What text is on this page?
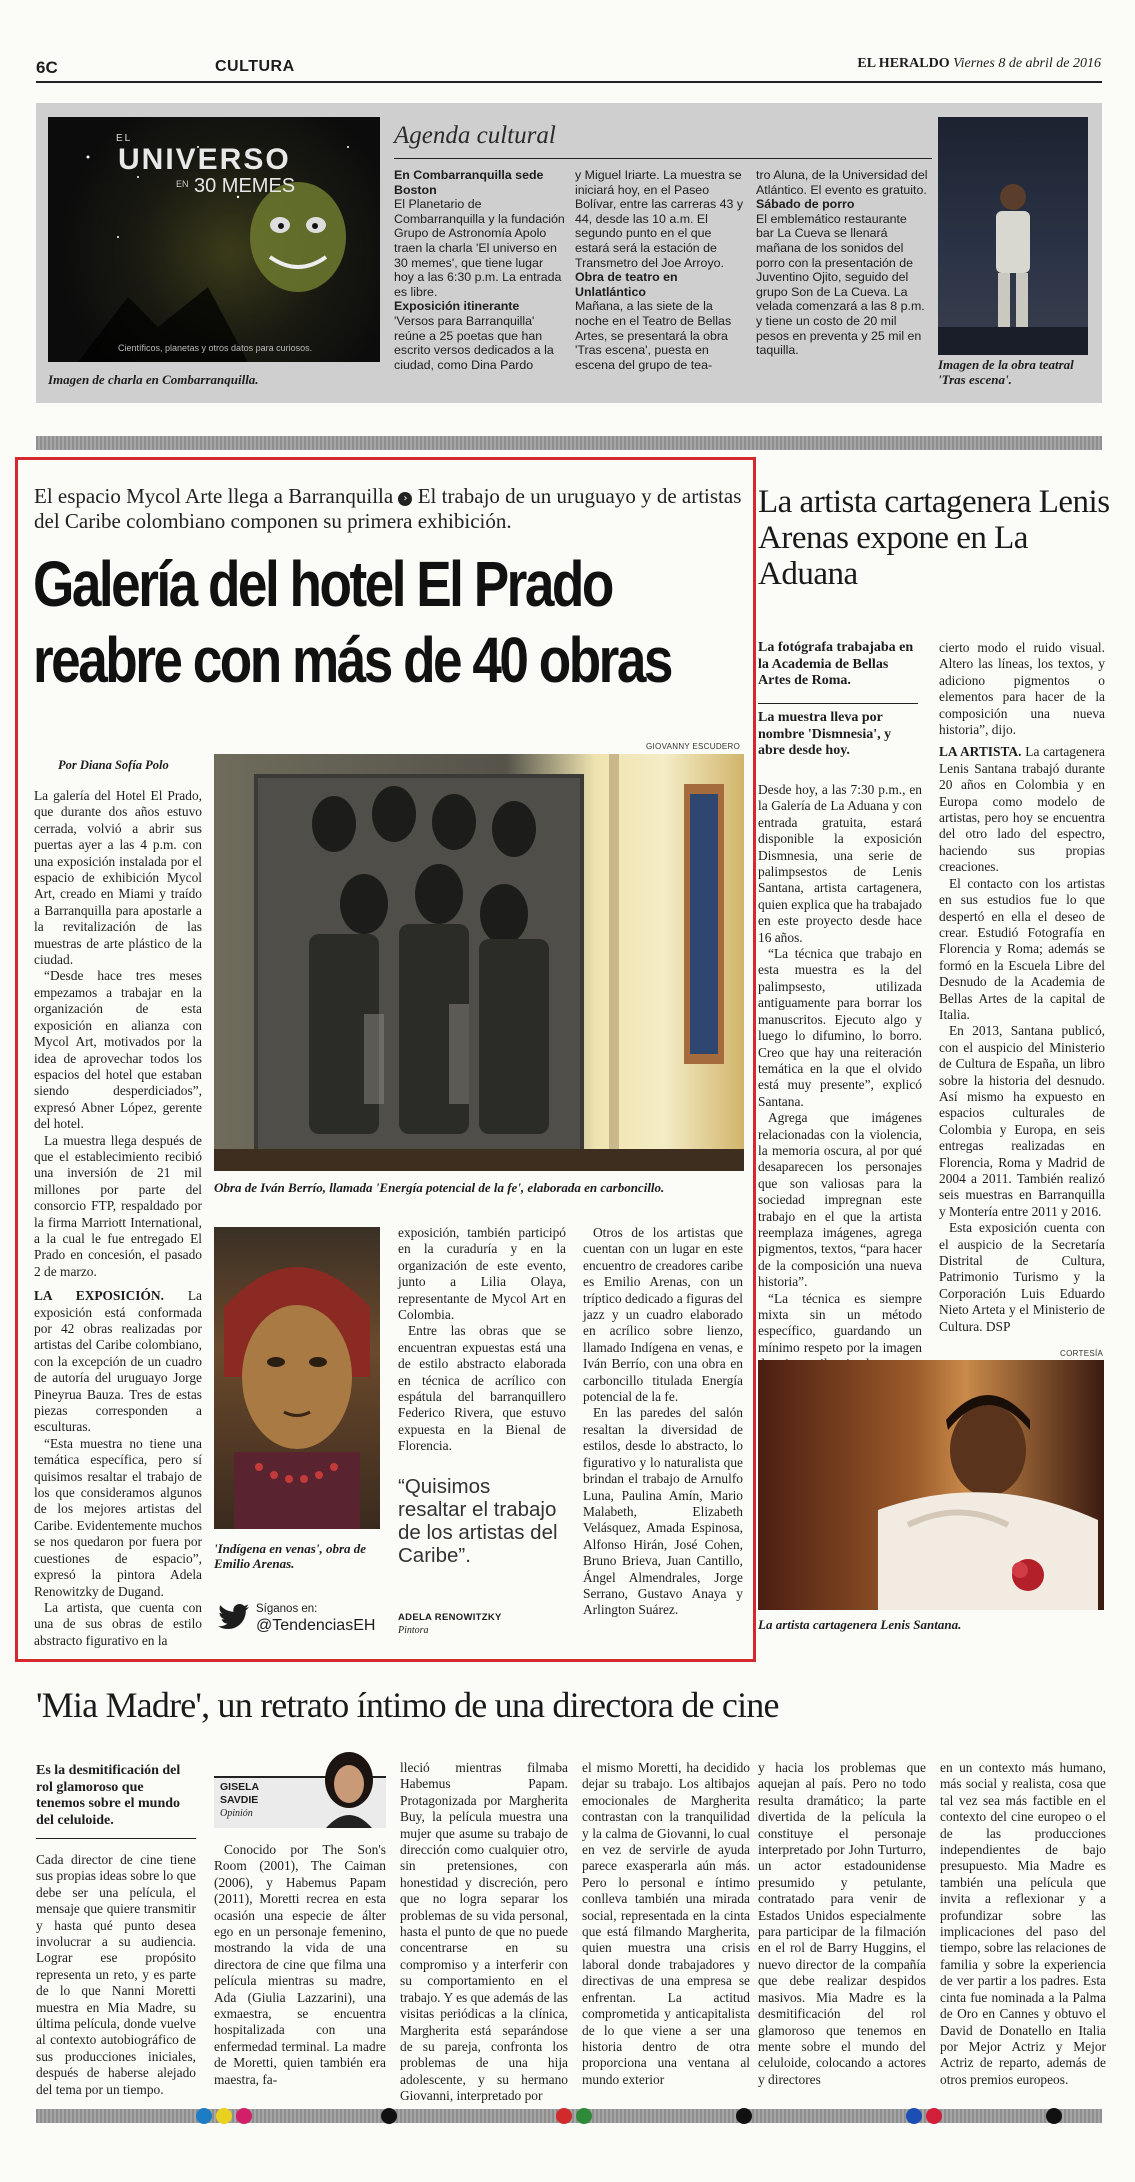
6C	CULTURA	EL HERALDO Viernes 8 de abril de 2016
EL
UNIVERSO
EN 30 MEMES
Científicos, planetas y otros datos para curiosos.
Imagen de charla en Combarranquilla.
Agenda cultural

En Combarranquilla sede Boston

El Planetario de Combarranquilla y la fundación Grupo de Astronomía Apolo traen la charla 'El universo en 30 memes', que tiene lugar hoy a las 6:30 p.m. La entrada es libre.

Exposición itinerante

'Versos para Barranquilla' reúne a 25 poetas que han escrito versos dedicados a la ciudad, como Dina Pardo

y Miguel Iriarte. La muestra se iniciará hoy, en el Paseo Bolívar, entre las carreras 43 y 44, desde las 10 a.m. El segundo punto en el que estará será la estación de Transmetro del Joe Arroyo.

Obra de teatro en Unlatlántico

Mañana, a las siete de la noche en el Teatro de Bellas Artes, se presentará la obra 'Tras escena', puesta en escena del grupo de tea-

tro Aluna, de la Universidad del Atlántico. El evento es gratuito.

Sábado de porro

El emblemático restaurante bar La Cueva se llenará mañana de los sonidos del porro con la presentación de Juventino Ojito, seguido del grupo Son de La Cueva. La velada comenzará a las 8 p.m. y tiene un costo de 20 mil pesos en preventa y 25 mil en taquilla.

Imagen de la obra teatral 'Tras escena'.
El espacio Mycol Arte llega a Barranquilla › El trabajo de un uruguayo y de artistas del Caribe colombiano componen su primera exhibición.
Galería del hotel El Prado
reabre con más de 40 obras
GIOVANNY ESCUDERO
Por Diana Sofía Polo
Obra de Iván Berrío, llamada 'Energía potencial de la fe', elaborada en carboncillo.

La galería del Hotel El Prado, que durante dos años estuvo cerrada, volvió a abrir sus puertas ayer a las 4 p.m. con una exposición instalada por el espacio de exhibición Mycol Art, creado en Miami y traído a Barranquilla para apostarle a la revitalización de las muestras de arte plástico de la ciudad.

“Desde hace tres meses empezamos a trabajar en la organización de esta exposición en alianza con Mycol Art, motivados por la idea de aprovechar todos los espacios del hotel que estaban siendo desperdiciados”, expresó Abner López, gerente del hotel.

La muestra llega después de que el establecimiento recibió una inversión de 21 mil millones por parte del consorcio FTP, respaldado por la firma Marriott International, a la cual le fue entregado El Prado en concesión, el pasado 2 de marzo.

LA EXPOSICIÓN. La exposición está conformada por 42 obras realizadas por artistas del Caribe colombiano, con la excepción de un cuadro de autoría del uruguayo Jorge Pineyrua Bauza. Tres de estas piezas corresponden a esculturas.

“Esta muestra no tiene una temática específica, pero sí quisimos resaltar el trabajo de los que consideramos algunos de los mejores artistas del Caribe. Evidentemente muchos se nos quedaron por fuera por cuestiones de espacio”, expresó la pintora Adela Renowitzky de Dugand.

La artista, que cuenta con una de sus obras de estilo abstracto figurativo en la

'Indígena en venas', obra de Emilio Arenas.

exposición, también participó en la curaduría y en la organización de este evento, junto a Lilia Olaya, representante de Mycol Art en Colombia.

Entre las obras que se encuentran expuestas está una de estilo abstracto elaborada en técnica de acrílico con espátula del barranquillero Federico Rivera, que estuvo expuesta en la Bienal de Florencia.

“Quisimos resaltar el trabajo de los artistas del Caribe”.
ADELA RENOWITZKY
Pintora
Síganos en:
@TendenciasEH

Otros de los artistas que cuentan con un lugar en este encuentro de creadores caribe es Emilio Arenas, con un tríptico dedicado a figuras del jazz y un cuadro elaborado en acrílico sobre lienzo, llamado Indígena en venas, e Iván Berrío, con una obra en carboncillo titulada Energía potencial de la fe.

En las paredes del salón resaltan la diversidad de estilos, desde lo abstracto, lo figurativo y lo naturalista que brindan el trabajo de Arnulfo Luna, Paulina Amín, Mario Malabeth, Elizabeth Velásquez, Amada Espinosa, Alfonso Hirán, José Cohen, Bruno Brieva, Juan Cantillo, Ángel Almendrales, Jorge Serrano, Gustavo Anaya y Arlington Suárez.

La artista cartagenera Lenis Arenas expone en La Aduana
La fotógrafa trabajaba en la Academia de Bellas Artes de Roma.
La muestra lleva por nombre 'Dismnesia', y abre desde hoy.

Desde hoy, a las 7:30 p.m., en la Galería de La Aduana y con entrada gratuita, estará disponible la exposición Dismnesia, una serie de palimpsestos de Lenis Santana, artista cartagenera, quien explica que ha trabajado en este proyecto desde hace 16 años.

“La técnica que trabajo en esta muestra es la del palimpsesto, utilizada antiguamente para borrar los manuscritos. Ejecuto algo y luego lo difumino, lo borro. Creo que hay una reiteración temática en la que el olvido está muy presente”, explicó Santana.

Agrega que imágenes relacionadas con la violencia, la memoria oscura, al por qué desaparecen los personajes que son valiosas para la sociedad impregnan este trabajo en el que la artista reemplaza imágenes, agrega pigmentos, textos, “para hacer de la composición una nueva historia”.

“La técnica es siempre mixta sin un método específico, guardando un mínimo respeto por la imagen

cierto modo el ruido visual. Altero las líneas, los textos, y adiciono pigmentos o elementos para hacer de la composición una nueva historia”, dijo.

LA ARTISTA. La cartagenera Lenis Santana trabajó durante 20 años en Colombia y en Europa como modelo de artistas, pero hoy se encuentra del otro lado del espectro, haciendo sus propias creaciones.

El contacto con los artistas en sus estudios fue lo que despertó en ella el deseo de crear. Estudió Fotografía en Florencia y Roma; además se formó en la Escuela Libre del Desnudo de la Academia de Bellas Artes de la capital de Italia.

En 2013, Santana publicó, con el auspicio del Ministerio de Cultura de España, un libro sobre la historia del desnudo. Así mismo ha expuesto en espacios culturales de Colombia y Europa, en seis entregas realizadas en Florencia, Roma y Madrid de 2004 a 2011. También realizó seis muestras en Barranquilla y Montería entre 2011 y 2016.

Esta exposición cuenta con el auspicio de la Secretaría Distrital de Cultura, Patrimonio Turismo y la Corporación Luis Eduardo Nieto Arteta y el Ministerio de Cultura. DSP

CORTESÍA
La artista cartagenera Lenis Santana.
'Mia Madre', un retrato íntimo de una directora de cine
Es la desmitificación del rol glamoroso que tenemos sobre el mundo del celuloide.

Cada director de cine tiene sus propias ideas sobre lo que debe ser una película, el mensaje que quiere transmitir y hasta qué punto desea involucrar a su audiencia. Lograr ese propósito representa un reto, y es parte de lo que Nanni Moretti muestra en Mia Madre, su última película, donde vuelve al contexto autobiográfico de sus producciones iniciales, después de haberse alejado del tema por un tiempo.

GISELA
SAVDIE
Opinión

Conocido por The Son's Room (2001), The Caiman (2006), y Habemus Papam (2011), Moretti recrea en esta ocasión una especie de álter ego en un personaje femenino, mostrando la vida de una directora de cine que filma una película mientras su madre, Ada (Giulia Lazzarini), una exmaestra, se encuentra hospitalizada con una enfermedad terminal. La madre de Moretti, quien también era maestra, fa-

lleció mientras filmaba Habemus Papam. Protagonizada por Margherita Buy, la película muestra una mujer que asume su trabajo de dirección como cualquier otro, sin pretensiones, con honestidad y discreción, pero que no logra separar los problemas de su vida personal, hasta el punto de que no puede concentrarse en su compromiso y a interferir con su comportamiento en el trabajo. Y es que además de las visitas periódicas a la clínica, Margherita está separándose de su pareja, confronta los problemas de una hija adolescente, y su hermano Giovanni, interpretado por

el mismo Moretti, ha decidido dejar su trabajo. Los altibajos emocionales de Margherita contrastan con la tranquilidad y la calma de Giovanni, lo cual en vez de servirle de ayuda parece exasperarla aún más. Pero lo personal e íntimo conlleva también una mirada social, representada en la cinta que está filmando Margherita, quien muestra una crisis laboral donde trabajadores y directivas de una empresa se enfrentan. La actitud comprometida y anticapitalista de lo que viene a ser una historia dentro de otra proporciona una ventana al mundo exterior

y hacia los problemas que aquejan al país. Pero no todo resulta dramático; la parte divertida de la película la constituye el personaje interpretado por John Turturro, un actor estadounidense presumido y petulante, contratado para venir de Estados Unidos especialmente para participar de la filmación en el rol de Barry Huggins, el nuevo director de la compañía que debe realizar despidos masivos. Mia Madre es la desmitificación del rol glamoroso que tenemos en mente sobre el mundo del celuloide, colocando a actores y directores

en un contexto más humano, más social y realista, cosa que tal vez sea más factible en el contexto del cine europeo o el de las producciones independientes de bajo presupuesto. Mia Madre es también una película que invita a reflexionar y a profundizar sobre las implicaciones del paso del tiempo, sobre las relaciones de familia y sobre la experiencia de ver partir a los padres. Esta cinta fue nominada a la Palma de Oro en Cannes y obtuvo el David de Donatello en Italia por Mejor Actriz y Mejor Actriz de reparto, además de otros premios europeos.
